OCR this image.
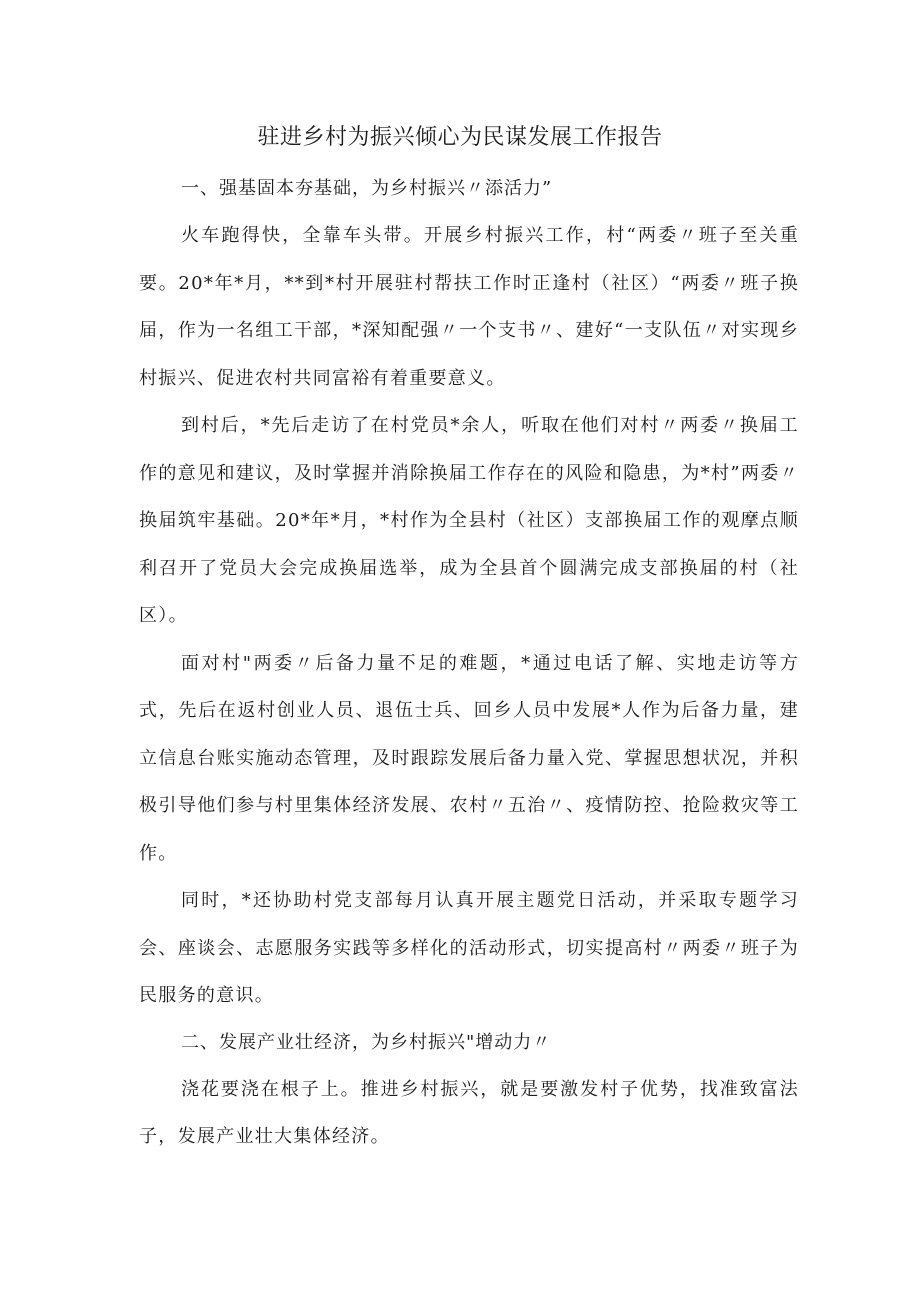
驻进乡村为振兴倾心为民谋发展工作报告
一、强基固本夯基础，为乡村振兴〃添活力”

火车跑得快，全靠车头带。开展乡村振兴工作，村“两委〃班子至关重要。20*年*月，**到*村开展驻村帮扶工作时正逢村（社区）“两委〃班子换届，作为一名组工干部，*深知配强〃一个支书〃、建好“一支队伍〃对实现乡村振兴、促进农村共同富裕有着重要意义。

到村后，*先后走访了在村党员*余人，听取在他们对村〃两委〃换届工作的意见和建议，及时掌握并消除换届工作存在的风险和隐患，为*村”两委〃换届筑牢基础。20*年*月，*村作为全县村（社区）支部换届工作的观摩点顺利召开了党员大会完成换届选举，成为全县首个圆满完成支部换届的村（社区）。

面对村"两委〃后备力量不足的难题，*通过电话了解、实地走访等方式，先后在返村创业人员、退伍士兵、回乡人员中发展*人作为后备力量，建立信息台账实施动态管理，及时跟踪发展后备力量入党、掌握思想状况，并积极引导他们参与村里集体经济发展、农村〃五治〃、疫情防控、抢险救灾等工作。

同时，*还协助村党支部每月认真开展主题党日活动，并采取专题学习会、座谈会、志愿服务实践等多样化的活动形式，切实提高村〃两委〃班子为民服务的意识。

二、发展产业壮经济，为乡村振兴"增动力〃

浇花要浇在根子上。推进乡村振兴，就是要激发村子优势，找准致富法子，发展产业壮大集体经济。
